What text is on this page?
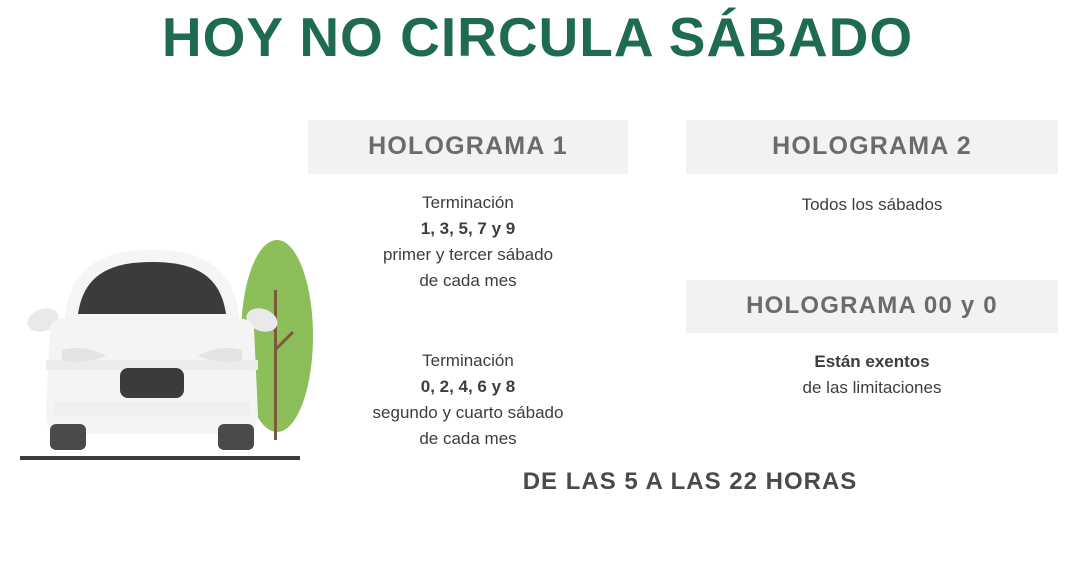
HOY NO CIRCULA SÁBADO
HOLOGRAMA 1

Terminación

1, 3, 5, 7 y 9

primer y tercer sábado

de cada mes

Terminación

0, 2, 4, 6 y 8

segundo y cuarto sábado

de cada mes

HOLOGRAMA 2
Todos los sábados
HOLOGRAMA 00 y 0

Están exentos

de las limitaciones

DE LAS 5 A LAS 22 HORAS
